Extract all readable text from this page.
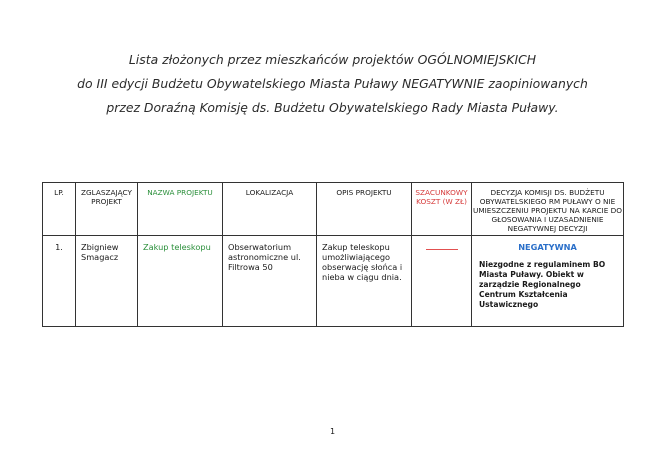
Lista złożonych przez mieszkańców projektów OGÓLNOMIEJSKICH
do III edycji Budżetu Obywatelskiego Miasta Puławy NEGATYWNIE zaopiniowanych
przez Doraźną Komisję ds. Budżetu Obywatelskiego Rady Miasta Puławy.
LP.	ZGLASZAJĄCY PROJEKT	NAZWA PROJEKTU	LOKALIZACJA	OPIS PROJEKTU	SZACUNKOWY KOSZT (W ZŁ)	DECYZJA KOMISJI DS. BUDŻETU OBYWATELSKIEGO RM PUŁAWY O NIE UMIESZCZENIU PROJEKTU NA KARCIE DO GŁOSOWANIA I UZASADNIENIE NEGATYWNEJ DECYZJI
1.	Zbigniew Smagacz	Zakup teleskopu	Obserwatorium astronomiczne ul. Filtrowa 50	Zakup teleskopu umożliwiającego obserwację słońca i nieba w ciągu dnia.		NEGATYWNA
Niezgodne z regulaminem BO Miasta Puławy. Obiekt w zarządzie Regionalnego Centrum Kształcenia Ustawicznego
1
